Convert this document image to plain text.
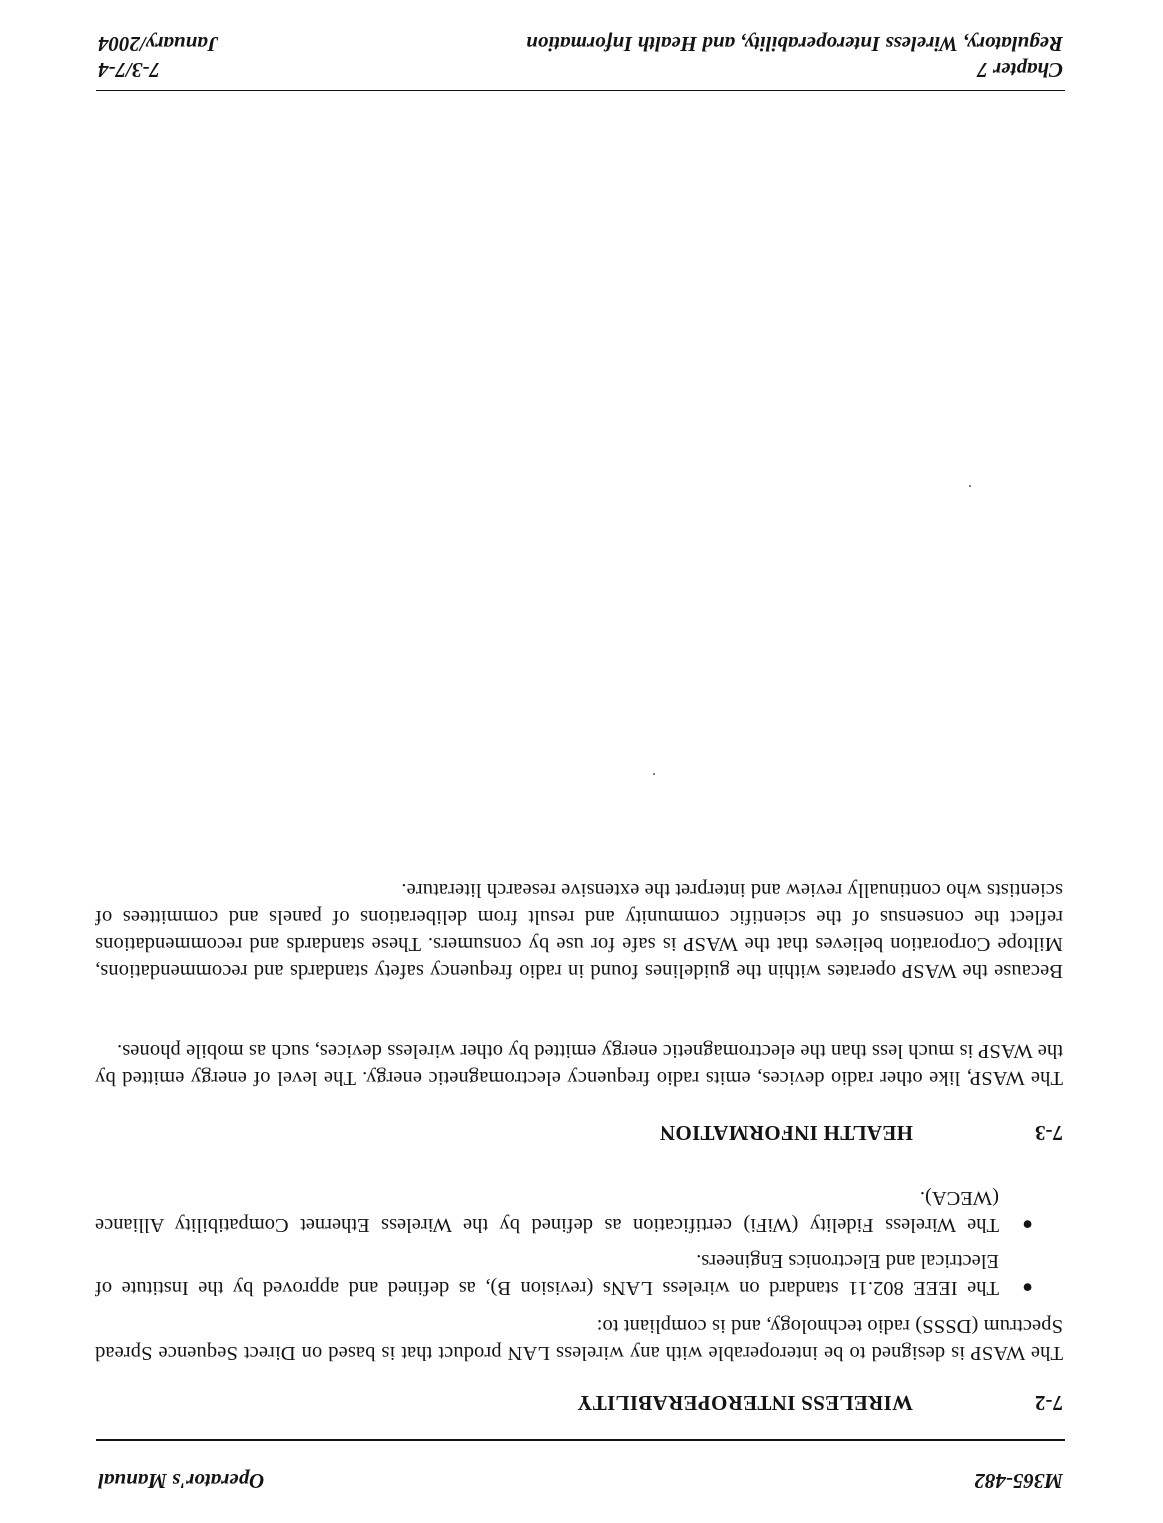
M365-482
Operator's Manual
7-2
WIRELESS INTEROPERABILITY
The WASP is designed to be interoperable with any wireless LAN product that is based on Direct Sequence Spread Spectrum (DSSS) radio technology, and is compliant to:
●
The IEEE 802.11 standard on wireless LANs (revision B), as defined and approved by the Institute of Electrical and Electronics Engineers.
●
The Wireless Fidelity (WiFi) certification as defined by the Wireless Ethernet Compatibility Alliance (WECA).
7-3
HEALTH INFORMATION
The WASP, like other radio devices, emits radio frequency electromagnetic energy. The level of energy emitted by the WASP is much less than the electromagnetic energy emitted by other wireless devices, such as mobile phones.
Because the WASP operates within the guidelines found in radio frequency safety standards and recommendations, Miltope Corporation believes that the WASP is safe for use by consumers. These standards and recommendations reflect the consensus of the scientific community and result from deliberations of panels and committees of scientists who continually review and interpret the extensive research literature.
Chapter 7
Regulatory, Wireless Interoperability, and Health Information
7-3/7-4
January/2004
